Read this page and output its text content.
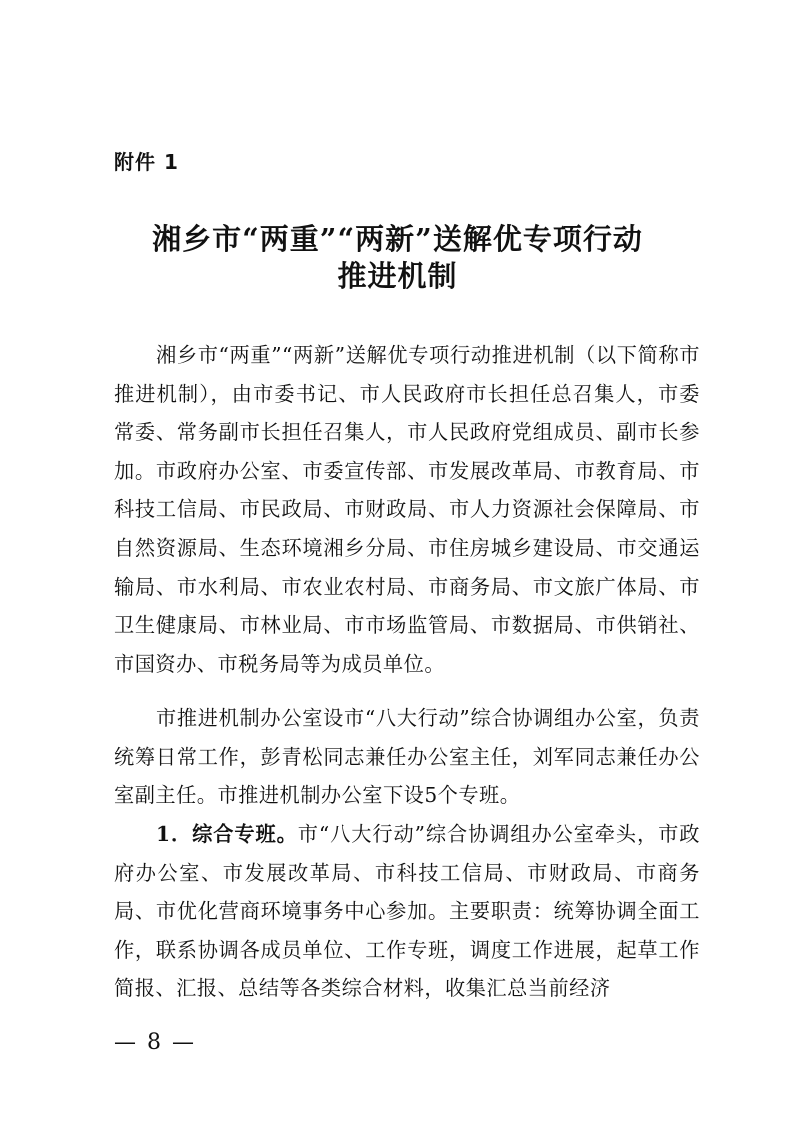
附件 1
湘乡市“两重”“两新”送解优专项行动
推进机制
湘乡市“两重”“两新”送解优专项行动推进机制（以下简称市推进机制），由市委书记、市人民政府市长担任总召集人，市委常委、常务副市长担任召集人，市人民政府党组成员、副市长参加。市政府办公室、市委宣传部、市发展改革局、市教育局、市科技工信局、市民政局、市财政局、市人力资源社会保障局、市自然资源局、生态环境湘乡分局、市住房城乡建设局、市交通运输局、市水利局、市农业农村局、市商务局、市文旅广体局、市卫生健康局、市林业局、市市场监管局、市数据局、市供销社、市国资办、市税务局等为成员单位。
市推进机制办公室设市“八大行动”综合协调组办公室，负责统筹日常工作，彭青松同志兼任办公室主任，刘军同志兼任办公室副主任。市推进机制办公室下设5个专班。
1．综合专班。市“八大行动”综合协调组办公室牵头，市政府办公室、市发展改革局、市科技工信局、市财政局、市商务局、市优化营商环境事务中心参加。主要职责：统筹协调全面工作，联系协调各成员单位、工作专班，调度工作进展，起草工作简报、汇报、总结等各类综合材料，收集汇总当前经济
— 8 —
